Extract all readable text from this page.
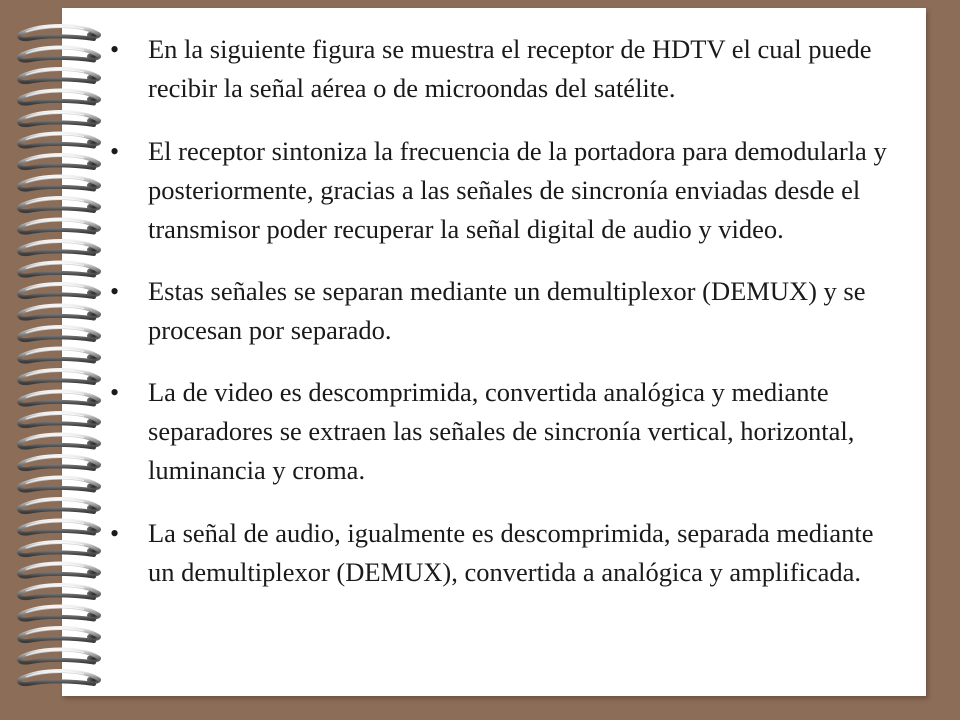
• En la siguiente figura se muestra el receptor de HDTV el cual puede recibir la señal aérea o de microondas del satélite.
• El receptor sintoniza la frecuencia de la portadora para demodularla y posteriormente, gracias a las señales de sincronía enviadas desde el transmisor poder recuperar la señal digital de audio y video.
• Estas señales se separan mediante un demultiplexor (DEMUX) y se procesan por separado.
• La de video es descomprimida, convertida analógica y mediante separadores se extraen las señales de sincronía vertical, horizontal, luminancia y croma.
• La señal de audio, igualmente es descomprimida, separada mediante un demultiplexor (DEMUX), convertida a analógica y amplificada.
